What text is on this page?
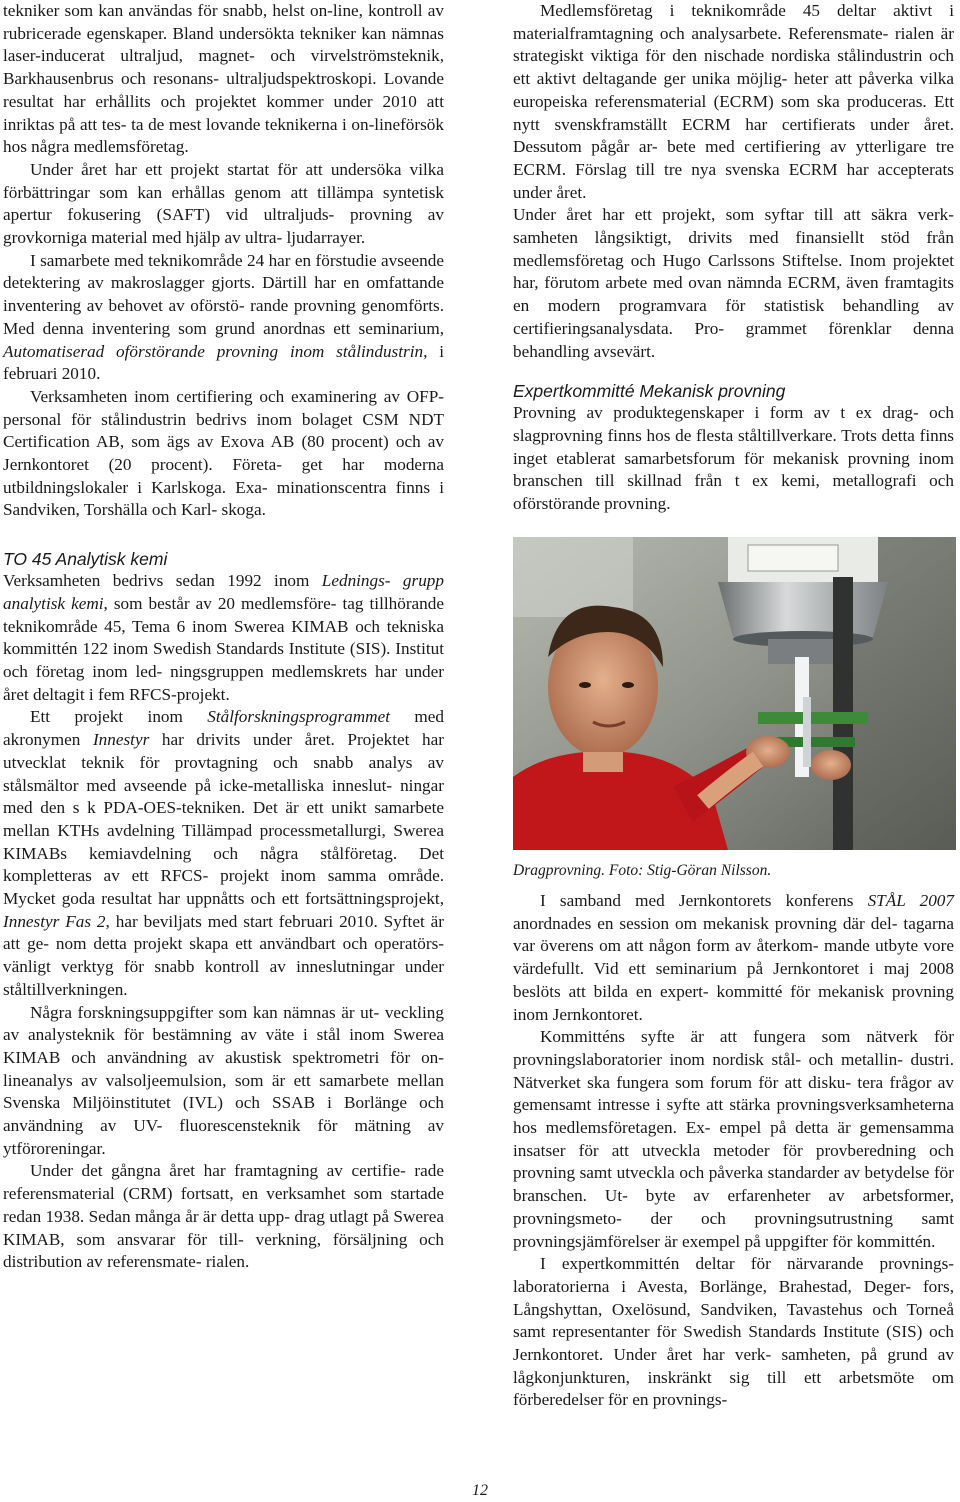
tekniker som kan användas för snabb, helst on-line, kontroll av rubricerade egenskaper. Bland undersökta tekniker kan nämnas laser-inducerat ultraljud, magnet- och virvelströmsteknik, Barkhausenbrus och resonans- ultraljudspektroskopi. Lovande resultat har erhållits och projektet kommer under 2010 att inriktas på att tes- ta de mest lovande teknikerna i on-lineförsök hos några medlemsföretag.

Under året har ett projekt startat för att undersöka vilka förbättringar som kan erhållas genom att tillämpa syntetisk apertur fokusering (SAFT) vid ultraljuds- provning av grovkorniga material med hjälp av ultra- ljudarrayer.

I samarbete med teknikområde 24 har en förstudie avseende detektering av makroslagger gjorts. Därtill har en omfattande inventering av behovet av oförstö- rande provning genomförts. Med denna inventering som grund anordnas ett seminarium, Automatiserad oförstörande provning inom stålindustrin, i februari 2010.

Verksamheten inom certifiering och examinering av OFP-personal för stålindustrin bedrivs inom bolaget CSM NDT Certification AB, som ägs av Exova AB (80 procent) och av Jernkontoret (20 procent). Företa- get har moderna utbildningslokaler i Karlskoga. Exa- minationscentra finns i Sandviken, Torshälla och Karl- skoga.

TO 45 Analytisk kemi

Verksamheten bedrivs sedan 1992 inom Lednings- grupp analytisk kemi, som består av 20 medlemsföre- tag tillhörande teknikområde 45, Tema 6 inom Swerea KIMAB och tekniska kommittén 122 inom Swedish Standards Institute (SIS). Institut och företag inom led- ningsgruppen medlemskrets har under året deltagit i fem RFCS-projekt.

Ett projekt inom Stålforskningsprogrammet med akronymen Innestyr har drivits under året. Projektet har utvecklat teknik för provtagning och snabb analys av stålsmältor med avseende på icke-metalliska inneslut- ningar med den s k PDA-OES-tekniken. Det är ett unikt samarbete mellan KTHs avdelning Tillämpad processmetallurgi, Swerea KIMABs kemiavdelning och några stålföretag. Det kompletteras av ett RFCS- projekt inom samma område. Mycket goda resultat har uppnåtts och ett fortsättningsprojekt, Innestyr Fas 2, har beviljats med start februari 2010. Syftet är att ge- nom detta projekt skapa ett användbart och operatörs- vänligt verktyg för snabb kontroll av inneslutningar under ståltillverkningen.

Några forskningsuppgifter som kan nämnas är ut- veckling av analysteknik för bestämning av väte i stål inom Swerea KIMAB och användning av akustisk spektrometri för on-lineanalys av valsoljeemulsion, som är ett samarbete mellan Svenska Miljöinstitutet (IVL) och SSAB i Borlänge och användning av UV- fluorescensteknik för mätning av ytföroreningar.

Under det gångna året har framtagning av certifie- rade referensmaterial (CRM) fortsatt, en verksamhet som startade redan 1938. Sedan många år är detta upp- drag utlagt på Swerea KIMAB, som ansvarar för till- verkning, försäljning och distribution av referensmate- rialen.

Medlemsföretag i teknikområde 45 deltar aktivt i materialframtagning och analysarbete. Referensmate- rialen är strategiskt viktiga för den nischade nordiska stålindustrin och ett aktivt deltagande ger unika möjlig- heter att påverka vilka europeiska referensmaterial (ECRM) som ska produceras. Ett nytt svenskframställt ECRM har certifierats under året. Dessutom pågår ar- bete med certifiering av ytterligare tre ECRM. Förslag till tre nya svenska ECRM har accepterats under året.

Under året har ett projekt, som syftar till att säkra verk- samheten långsiktigt, drivits med finansiellt stöd från medlemsföretag och Hugo Carlssons Stiftelse. Inom projektet har, förutom arbete med ovan nämnda ECRM, även framtagits en modern programvara för statistisk behandling av certifieringsanalysdata. Pro- grammet förenklar denna behandling avsevärt.

Expertkommitté Mekanisk provning

Provning av produktegenskaper i form av t ex drag- och slagprovning finns hos de flesta ståltillverkare. Trots detta finns inget etablerat samarbetsforum för mekanisk provning inom branschen till skillnad från t ex kemi, metallografi och oförstörande provning.

Dragprovning. Foto: Stig-Göran Nilsson.

I samband med Jernkontorets konferens STÅL 2007 anordnades en session om mekanisk provning där del- tagarna var överens om att någon form av återkom- mande utbyte vore värdefullt. Vid ett seminarium på Jernkontoret i maj 2008 beslöts att bilda en expert- kommitté för mekanisk provning inom Jernkontoret.

Kommitténs syfte är att fungera som nätverk för provningslaboratorier inom nordisk stål- och metallin- dustri. Nätverket ska fungera som forum för att disku- tera frågor av gemensamt intresse i syfte att stärka provningsverksamheterna hos medlemsföretagen. Ex- empel på detta är gemensamma insatser för att utveckla metoder för provberedning och provning samt utveckla och påverka standarder av betydelse för branschen. Ut- byte av erfarenheter av arbetsformer, provningsmeto- der och provningsutrustning samt provningsjämförelser är exempel på uppgifter för kommittén.

I expertkommittén deltar för närvarande provnings- laboratorierna i Avesta, Borlänge, Brahestad, Deger- fors, Långshyttan, Oxelösund, Sandviken, Tavastehus och Torneå samt representanter för Swedish Standards Institute (SIS) och Jernkontoret. Under året har verk- samheten, på grund av lågkonjunkturen, inskränkt sig till ett arbetsmöte om förberedelser för en provnings-

12
